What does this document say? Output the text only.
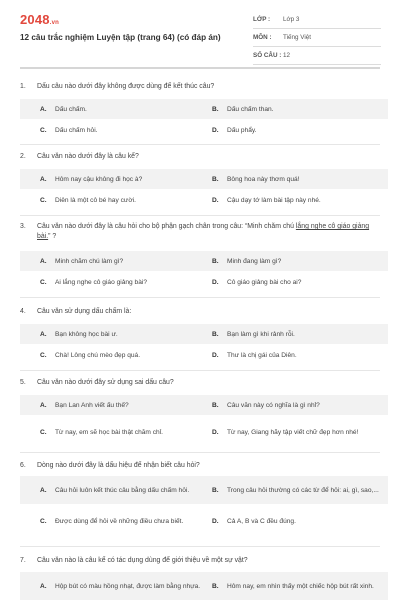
2048.vn
12 câu trắc nghiệm Luyện tập (trang 64) (có đáp án)
LỚP :	Lớp 3
MÔN :	Tiếng Việt
SỐ CÂU : 12
1. Dấu câu nào dưới đây không được dùng để kết thúc câu?
A.	Dấu chấm.	B.	Dấu chấm than.
C.	Dấu chấm hỏi.	D.	Dấu phẩy.
2. Câu văn nào dưới đây là câu kể?
A.	Hôm nay cậu không đi học à?	B.	Bông hoa này thơm quá!
C.	Diên là một cô bé hay cười.	D.	Cậu dạy tớ làm bài tập này nhé.
3. Câu văn nào dưới đây là câu hỏi cho bộ phận gạch chân trong câu: “Minh chăm chú lắng nghe cô giáo giảng bài.” ?
A.	Minh chăm chú làm gì?	B.	Minh đang làm gì?
C.	Ai lắng nghe cô giáo giảng bài?	D.	Cô giáo giảng bài cho ai?
4. Câu văn sử dụng dấu chấm là:
A.	Bạn không học bài ư.	B.	Bạn làm gì khi rảnh rỗi.
C.	Chà! Lông chú mèo đẹp quá.	D.	Thư là chị gái của Diên.
5. Câu văn nào dưới đây sử dụng sai dấu câu?
A.	Bạn Lan Anh viết ấu thế?	B.	Câu văn này có nghĩa là gì nhỉ?
C.	Từ nay, em sẽ học bài thật chăm chỉ.	D.	Từ nay, Giang hãy tập viết chữ đẹp hơn nhé!
6. Dòng nào dưới đây là dấu hiệu để nhận biết câu hỏi?
A.	Câu hỏi luôn kết thúc câu bằng dấu chấm hỏi.	B.	Trong câu hỏi thường có các từ để hỏi: ai, gì, sao,...
C.	Được dùng để hỏi về những điều chưa biết.	D.	Cả A, B và C đều đúng.
7. Câu văn nào là câu kể có tác dụng dùng để giới thiệu về một sự vật?
A.	Hộp bút có màu hồng nhạt, được làm bằng nhựa. B.	Hôm nay, em nhìn thấy một chiếc hộp bút rất xinh.
